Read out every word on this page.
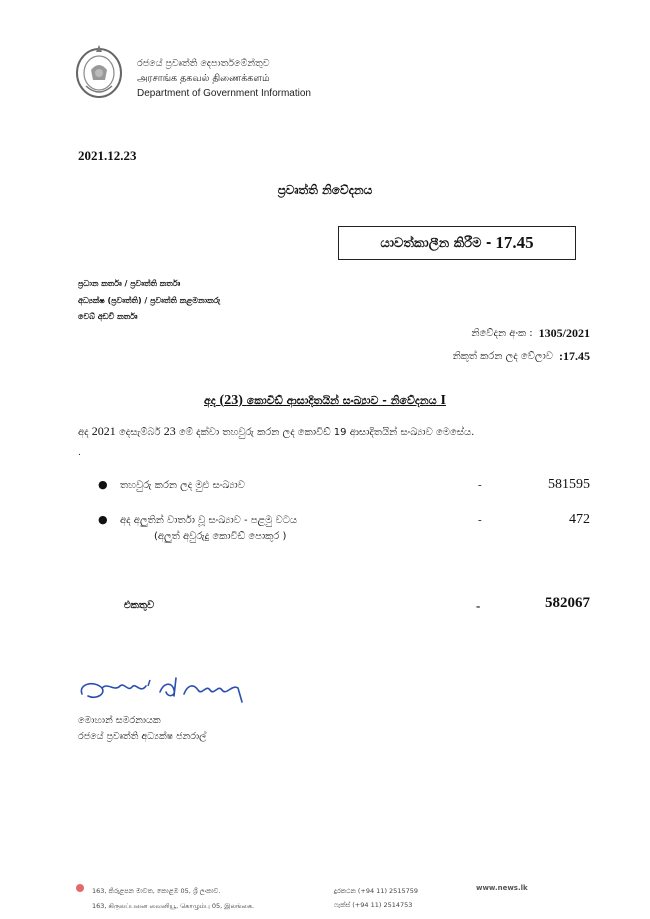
රජයේ ප්‍රවෘත්ති දෙපාර්තමේන්තුව
அரசாங்க தகவல் திணைக்களம்
Department of Government Information
2021.12.23
ප්‍රවෘත්ති නිවේදනය
යාවත්කාලීන කිරීම - 17.45
ප්‍රධාන කර්තෘ / ප්‍රවෘත්ති කර්තෘ
අධ්‍යක්ෂ (ප්‍රවෘත්ති) / ප්‍රවෘත්ති කළමනාකරු
වෙබ් අඩවි කර්තෘ
නිවේදන අංක : 1305/2021
නිකුත් කරන ලද වේලාව :17.45
අද (23) කොවිඩ් ආසාදිතයින් සංඛ්‍යාව - නිවේදනය I
අද 2021 දෙසැම්බර් 23 මේ දක්වා තහවුරු කරන ලද කොවිඩ් 19 ආසාදිතයින් සංඛ්‍යාව මෙසේය.
.
● තහවුරු කරන ලද මුළු සංඛ්‍යාව	-	581595
● අද අලුතින් වාර්තා වූ සංඛ්‍යාව - පළමු වටය	-	472
(අලුත් අවුරුදු කොවිඩ් පොකුර )
එකතුව	-	582067
මොහාන් සමරනායක
රජයේ ප්‍රවෘත්ති අධ්‍යක්ෂ ජනරාල්
163, කිරුළපන මාවත, කොළඹ 05, ශ්‍රී ලංකාව.
163, கிருலப்பனை வைனியூ, கொழும்பு 05, இலங்கை.
දුරකථන (+94 11) 2515759
ෆැක්ස් (+94 11) 2514753
www.news.lk
